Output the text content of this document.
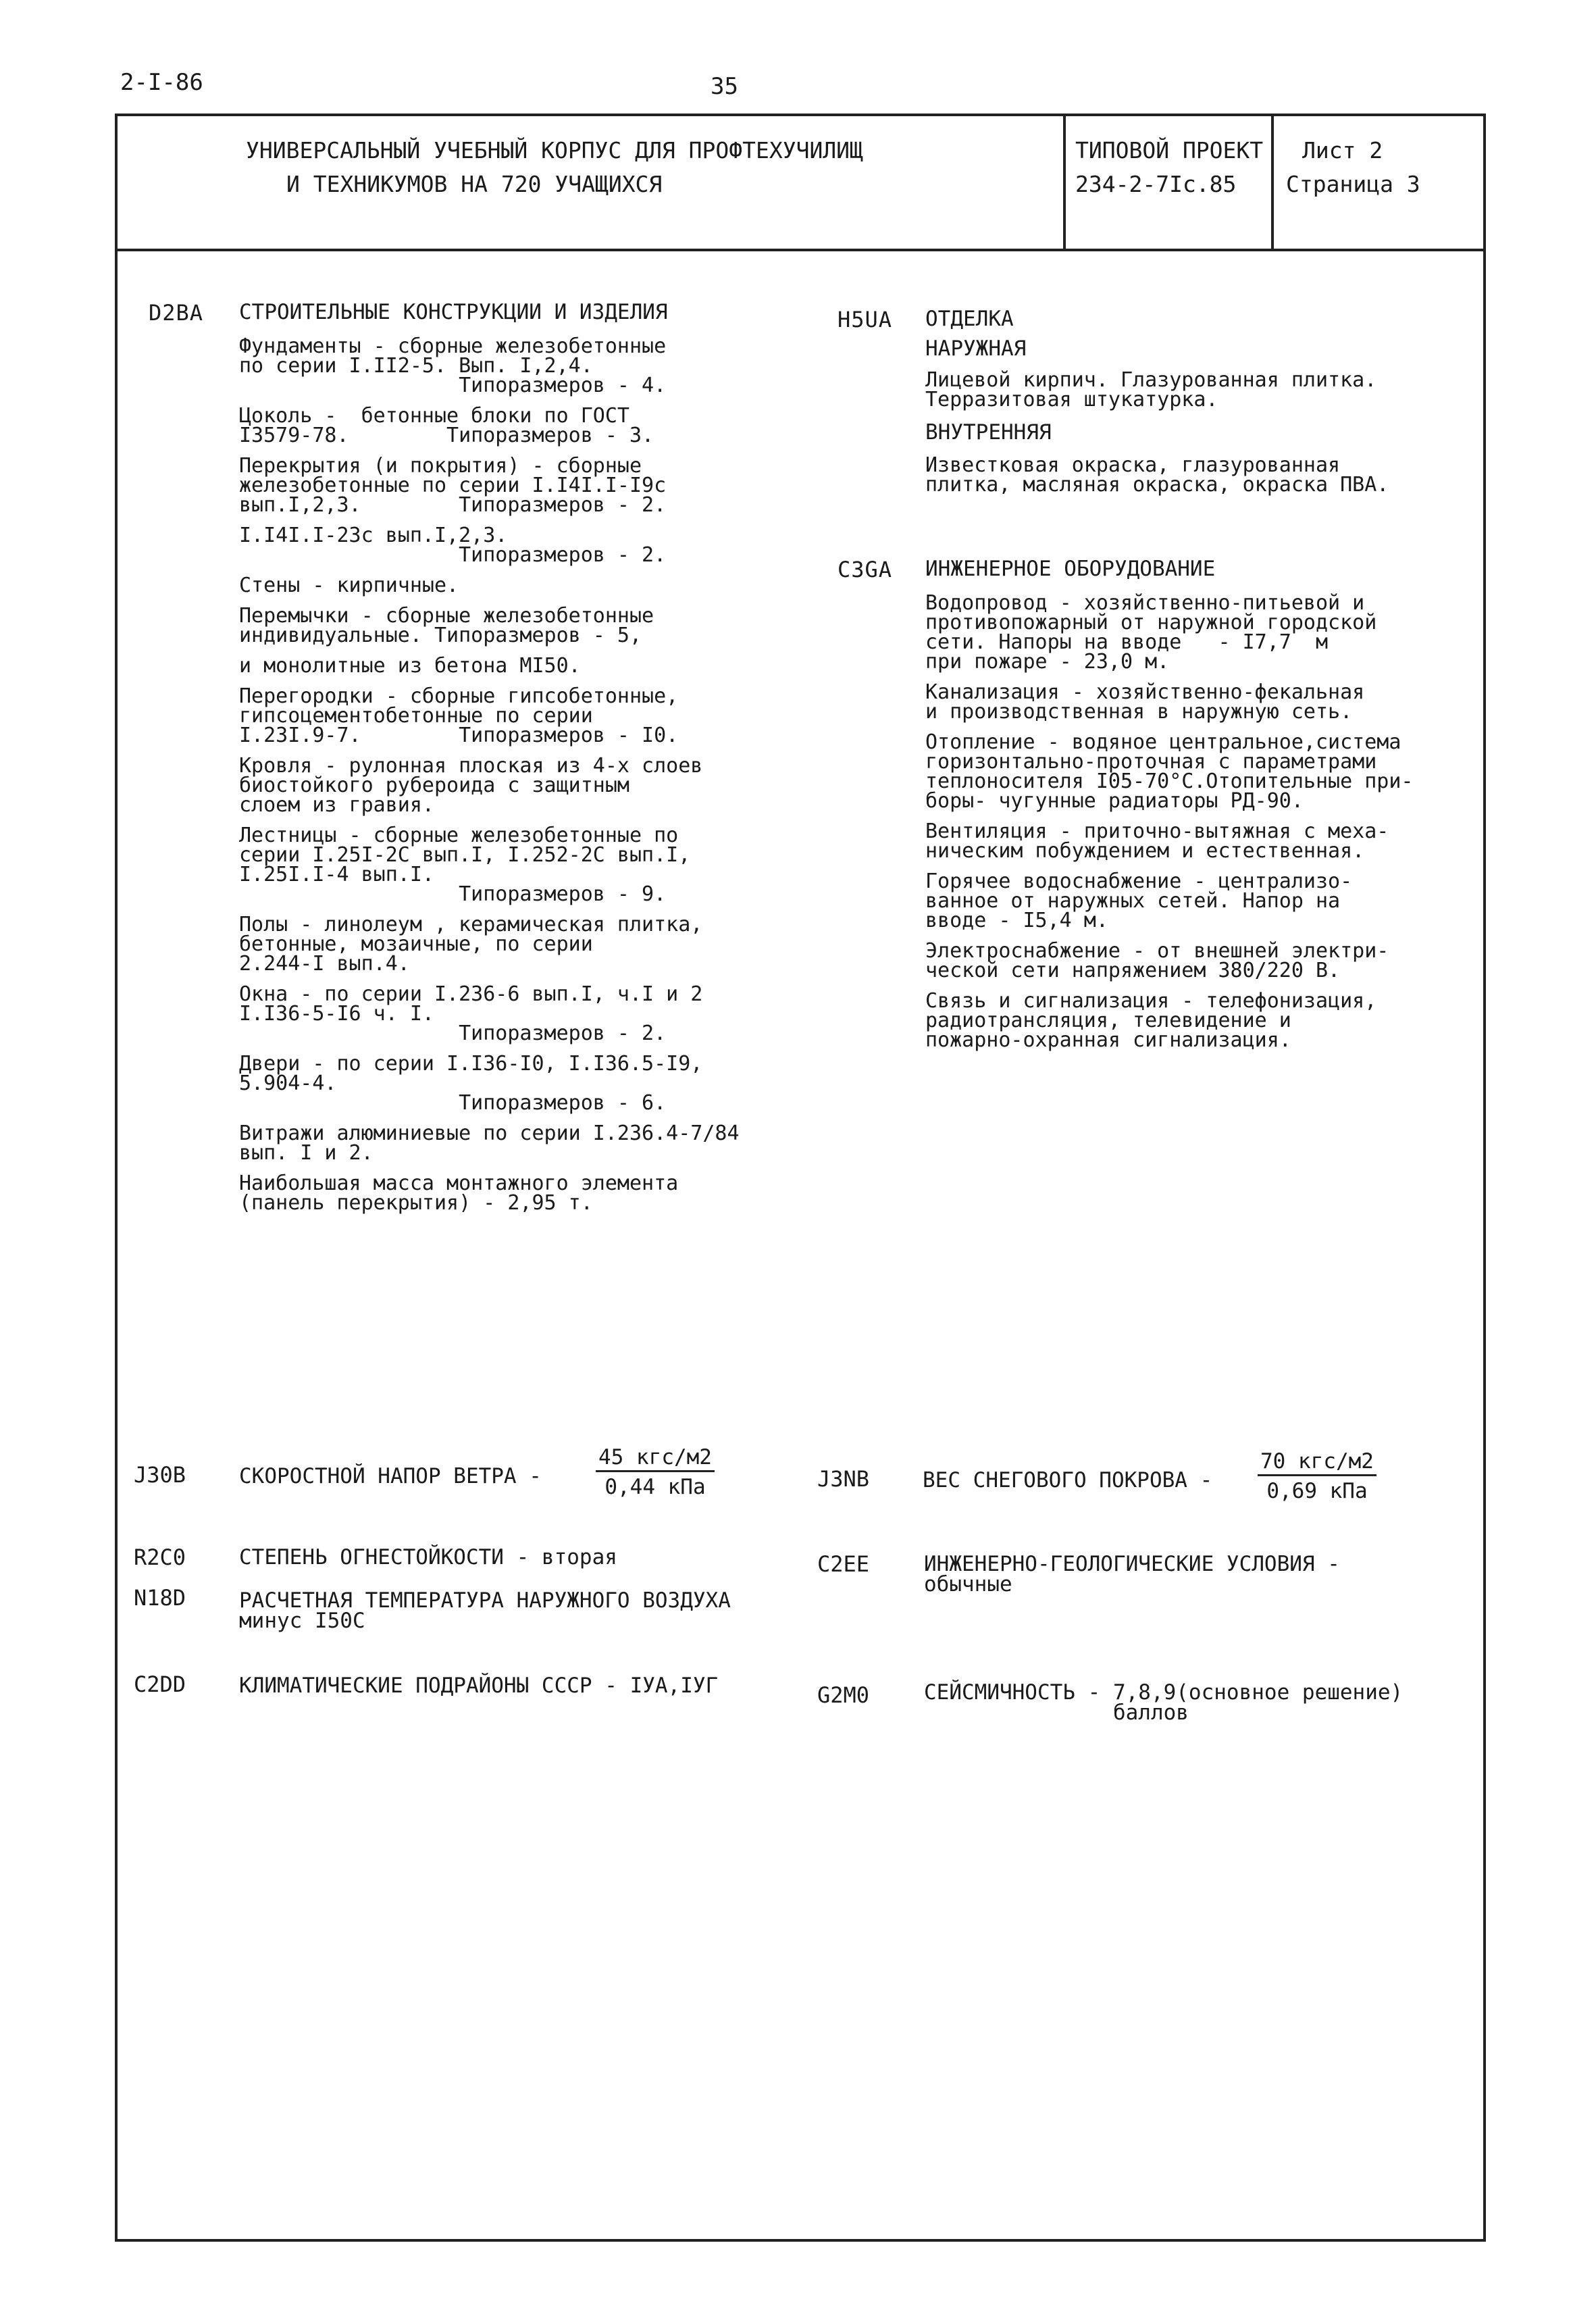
2-I-86	35
УНИВЕРСАЛЬНЫЙ УЧЕБНЫЙ КОРПУС ДЛЯ ПРОФТЕХУЧИЛИЩ
И ТЕХНИКУМОВ НА 720 УЧАЩИХСЯ
ТИПОВОЙ ПРОЕКТ
234-2-7Ic.85
Лист 2
Страница 3
D2BA СТРОИТЕЛЬНЫЕ КОНСТРУКЦИИ И ИЗДЕЛИЯ

Фундаменты - сборные железобетонные
по серии I.II2-5. Вып. I,2,4.
Типоразмеров - 4.

Цоколь -  бетонные блоки по ГОСТ
I3579-78.        Типоразмеров - 3.

Перекрытия (и покрытия) - сборные
железобетонные по серии I.I4I.I-I9c
вып.I,2,3.        Типоразмеров - 2.

I.I4I.I-23c вып.I,2,3.
Типоразмеров - 2.

Стены - кирпичные.

Перемычки - сборные железобетонные
индивидуальные. Типоразмеров - 5,

и монолитные из бетона MI50.

Перегородки - сборные гипсобетонные,
гипсоцементобетонные по серии
I.23I.9-7.        Типоразмеров - I0.

Кровля - рулонная плоская из 4-х слоев
биостойкого рубероида с защитным
слоем из гравия.

Лестницы - сборные железобетонные по
серии I.25I-2C вып.I, I.252-2C вып.I,
I.25I.I-4 вып.I.
Типоразмеров - 9.

Полы - линолеум , керамическая плитка,
бетонные, мозаичные, по серии
2.244-I вып.4.

Окна - по серии I.236-6 вып.I, ч.I и 2
I.I36-5-I6 ч. I.
Типоразмеров - 2.

Двери - по серии I.I36-I0, I.I36.5-I9,
5.904-4.
Типоразмеров - 6.

Витражи алюминиевые по серии I.236.4-7/84
вып. I и 2.

Наибольшая масса монтажного элемента
(панель перекрытия) - 2,95 т.

H5UA ОТДЕЛКА
НАРУЖНАЯ

Лицевой кирпич. Глазурованная плитка.
Терразитовая штукатурка.

ВНУТРЕННЯЯ

Известковая окраска, глазурованная
плитка, масляная окраска, окраска ПВА.

C3GA ИНЖЕНЕРНОЕ ОБОРУДОВАНИЕ

Водопровод - хозяйственно-питьевой и
противопожарный от наружной городской
сети. Напоры на вводе   - I7,7  м
при пожаре - 23,0 м.

Канализация - хозяйственно-фекальная
и производственная в наружную сеть.

Отопление - водяное центральное,система
горизонтально-проточная с параметрами
теплоносителя I05-70°C.Отопительные при-
боры- чугунные радиаторы РД-90.

Вентиляция - приточно-вытяжная с меха-
ническим побуждением и естественная.

Горячее водоснабжение - централизо-
ванное от наружных сетей. Напор на
вводе - I5,4 м.

Электроснабжение - от внешней электри-
ческой сети напряжением 380/220 В.

Связь и сигнализация - телефонизация,
радиотрансляция, телевидение и
пожарно-охранная сигнализация.

J30B	СКОРОСТНОЙ НАПОР ВЕТРА -
45 кгс/м2
0,44 кПа	J3NB	ВЕС СНЕГОВОГО ПОКРОВА -
70 кгс/м2
0,69 кПа
R2C0	СТЕПЕНЬ ОГНЕСТОЙКОСТИ - вторая	C2EE	ИНЖЕНЕРНО-ГЕОЛОГИЧЕСКИЕ УСЛОВИЯ -
обычные
N18D	РАСЧЕТНАЯ ТЕМПЕРАТУРА НАРУЖНОГО ВОЗДУХА
минус I50C
C2DD	КЛИМАТИЧЕСКИЕ ПОДРАЙОНЫ СССР - IУА,IУГ	G2M0	СЕЙСМИЧНОСТЬ - 7,8,9(основное решение)
баллов
